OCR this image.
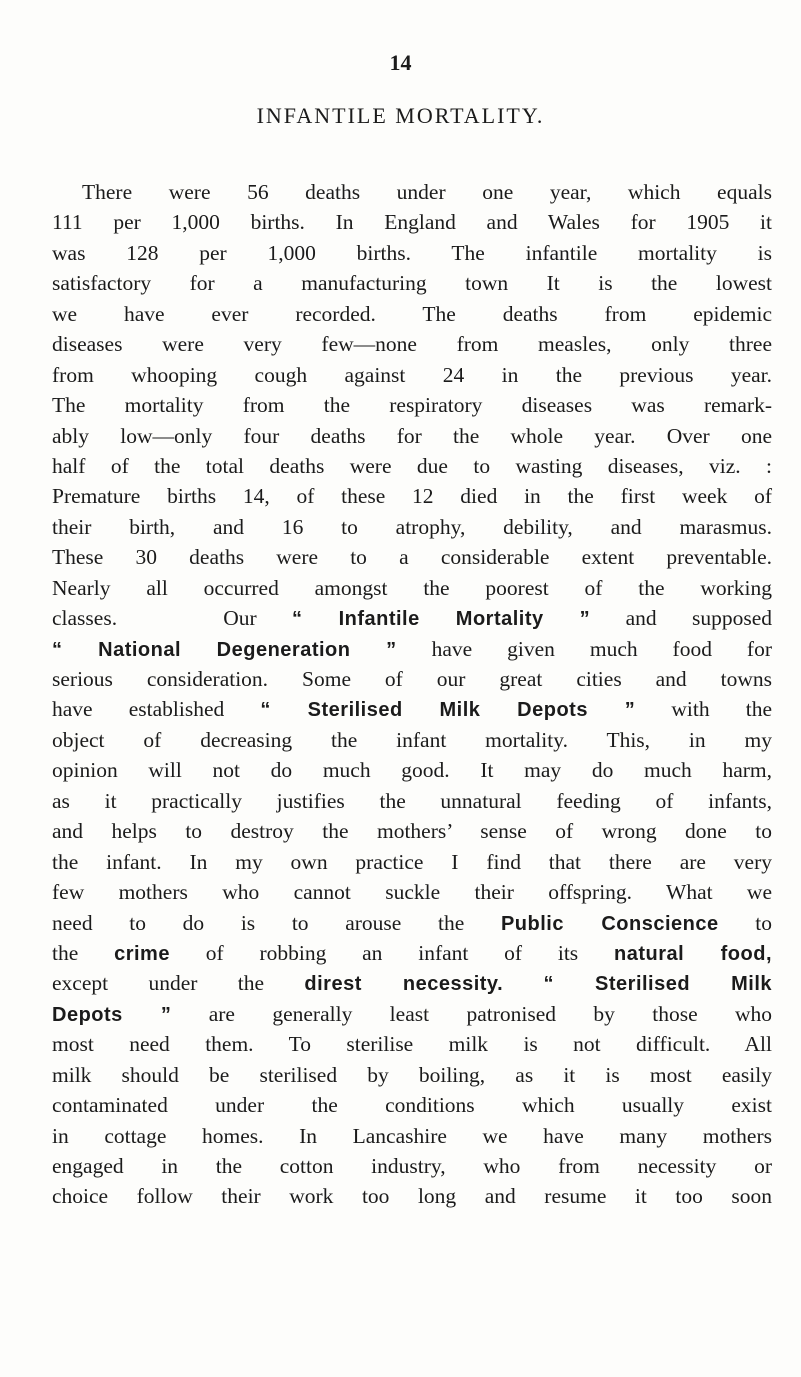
14
INFANTILE MORTALITY.
There were 56 deaths under one year, which equals
111 per 1,000 births. In England and Wales for 1905 it
was 128 per 1,000 births. The infantile mortality is
satisfactory for a manufacturing town It is the lowest
we have ever recorded. The deaths from epidemic
diseases were very few—none from measles, only three
from whooping cough against 24 in the previous year.
The mortality from the respiratory diseases was remark-
ably low—only four deaths for the whole year. Over one
half of the total deaths were due to wasting diseases, viz. :
Premature births 14, of these 12 died in the first week of
their birth, and 16 to atrophy, debility, and marasmus.
These 30 deaths were to a considerable extent preventable.
Nearly all occurred amongst the poorest of the working
classes.	Our “ Infantile Mortality ” and supposed
“ National Degeneration ” have given much food for
serious consideration. Some of our great cities and towns
have established “ Sterilised Milk Depots ” with the
object of decreasing the infant mortality. This, in my
opinion will not do much good. It may do much harm,
as it practically justifies the unnatural feeding of infants,
and helps to destroy the mothers’ sense of wrong done to
the infant. In my own practice I find that there are very
few mothers who cannot suckle their offspring. What we
need to do is to arouse the Public Conscience to
the crime of robbing an infant of its natural food,
except under the direst necessity. “ Sterilised Milk
Depots ” are generally least patronised by those who
most need them. To sterilise milk is not difficult. All
milk should be sterilised by boiling, as it is most easily
contaminated under the conditions which usually exist
in cottage homes. In Lancashire we have many mothers
engaged in the cotton industry, who from necessity or
choice follow their work too long and resume it too soon
